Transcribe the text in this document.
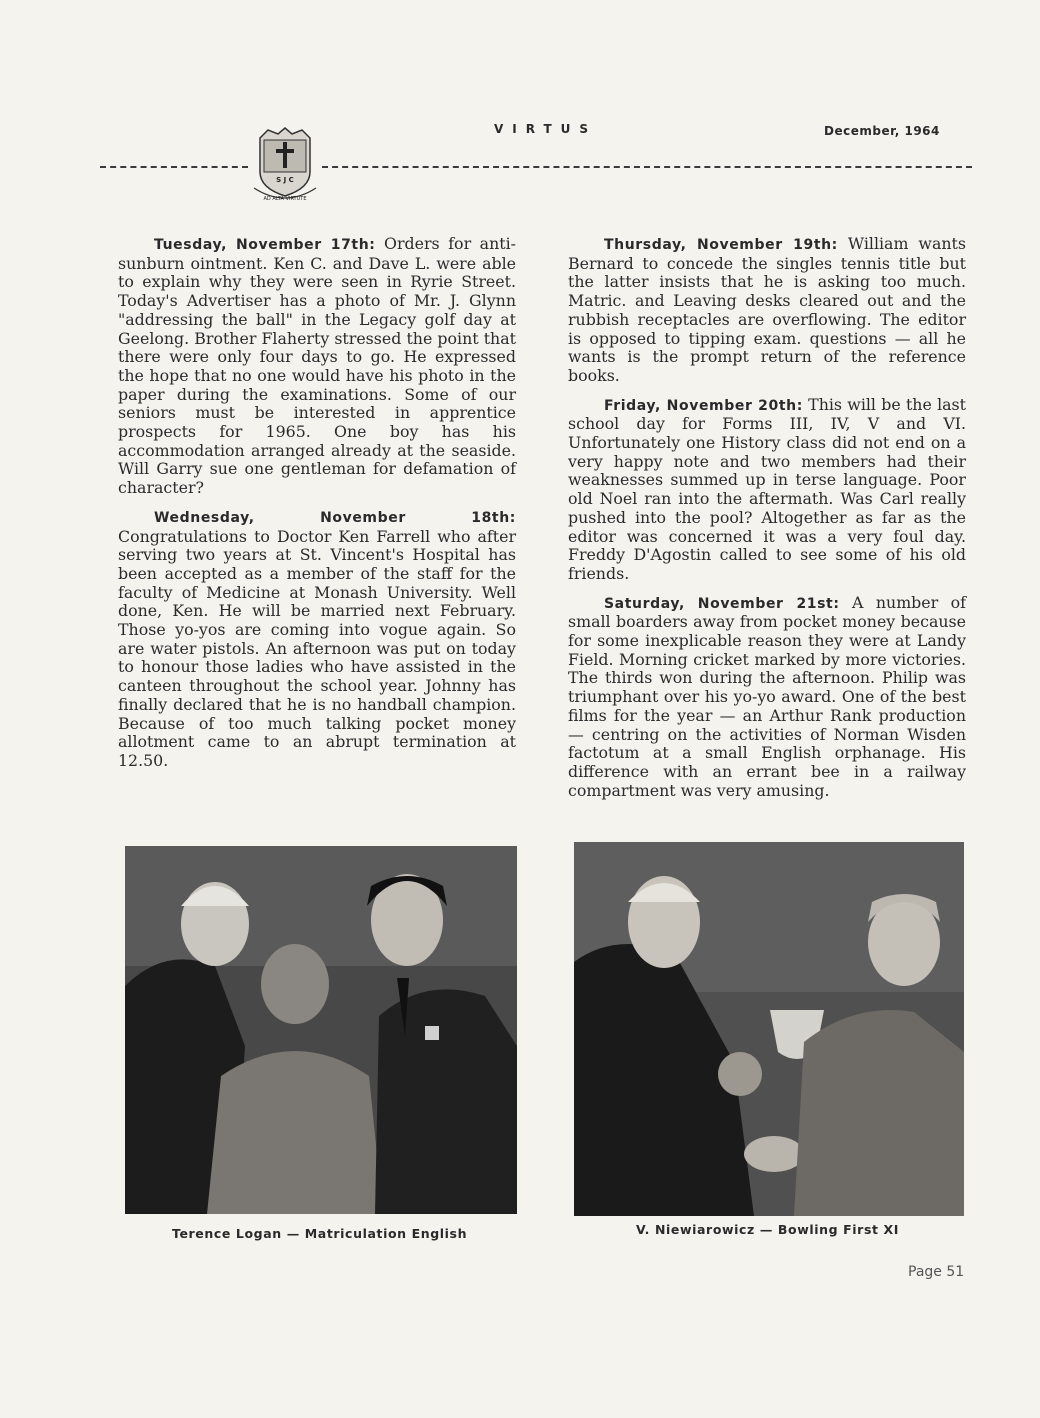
VIRTUS	December, 1964
S J C
AD ALTA VIRTUTE

Tuesday, November 17th: Orders for anti-sunburn ointment. Ken C. and Dave L. were able to explain why they were seen in Ryrie Street. Today's Advertiser has a photo of Mr. J. Glynn "addressing the ball" in the Legacy golf day at Geelong. Brother Flaherty stressed the point that there were only four days to go. He expressed the hope that no one would have his photo in the paper during the examinations. Some of our seniors must be interested in apprentice prospects for 1965. One boy has his accommodation arranged already at the seaside. Will Garry sue one gentleman for defamation of character?

Wednesday, November 18th: Congratulations to Doctor Ken Farrell who after serving two years at St. Vincent's Hospital has been accepted as a member of the staff for the faculty of Medicine at Monash University. Well done, Ken. He will be married next February. Those yo-yos are coming into vogue again. So are water pistols. An afternoon was put on today to honour those ladies who have assisted in the canteen throughout the school year. Johnny has finally declared that he is no handball champion. Because of too much talking pocket money allotment came to an abrupt termination at 12.50.

Thursday, November 19th: William wants Bernard to concede the singles tennis title but the latter insists that he is asking too much. Matric. and Leaving desks cleared out and the rubbish receptacles are overflowing. The editor is opposed to tipping exam. questions — all he wants is the prompt return of the reference books.

Friday, November 20th: This will be the last school day for Forms III, IV, V and VI. Unfortunately one History class did not end on a very happy note and two members had their weaknesses summed up in terse language. Poor old Noel ran into the aftermath. Was Carl really pushed into the pool? Altogether as far as the editor was concerned it was a very foul day. Freddy D'Agostin called to see some of his old friends.

Saturday, November 21st: A number of small boarders away from pocket money because for some inexplicable reason they were at Landy Field. Morning cricket marked by more victories. The thirds won during the afternoon. Philip was triumphant over his yo-yo award. One of the best films for the year — an Arthur Rank production — centring on the activities of Norman Wisden factotum at a small English orphanage. His difference with an errant bee in a railway compartment was very amusing.

Terence Logan — Matriculation English	V. Niewiarowicz — Bowling First XI
Page 51
